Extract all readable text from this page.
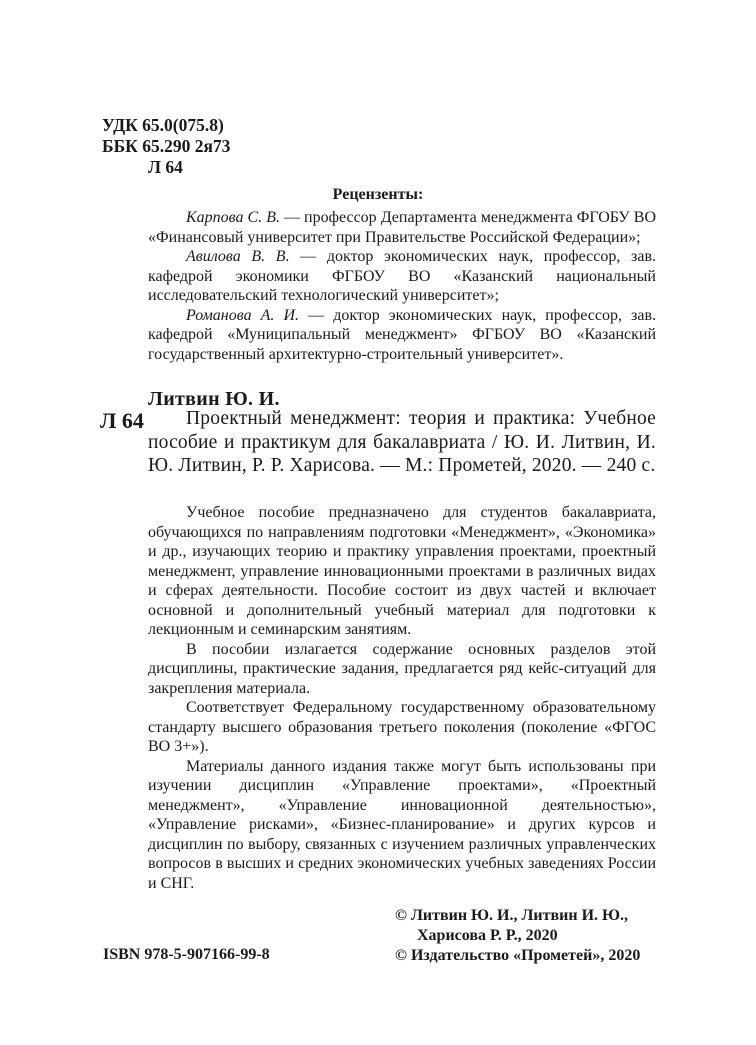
УДК 65.0(075.8)
ББК 65.290 2я73
Л 64
Рецензенты:

Карпова С. В. — профессор Департамента менеджмента ФГОБУ ВО «Финансовый университет при Правительстве Российской Федерации»;

Авилова В. В. — доктор экономических наук, профессор, зав. кафедрой экономики ФГБОУ ВО «Казанский национальный исследовательский технологический университет»;

Романова А. И. — доктор экономических наук, профессор, зав. кафедрой «Муниципальный менеджмент» ФГБОУ ВО «Казанский государственный архитектурно-строительный университет».

Литвин Ю. И.
Л 64	Проектный менеджмент: теория и практика: Учебное пособие и практикум для бакалавриата / Ю. И. Литвин, И. Ю. Литвин, Р. Р. Харисова. — М.: Прометей, 2020. — 240 с.

Учебное пособие предназначено для студентов бакалавриата, обучающихся по направлениям подготовки «Менеджмент», «Экономика» и др., изучающих теорию и практику управления проектами, проектный менеджмент, управление инновационными проектами в различных видах и сферах деятельности. Пособие состоит из двух частей и включает основной и дополнительный учебный материал для подготовки к лекционным и семинарским занятиям.

В пособии излагается содержание основных разделов этой дисциплины, практические задания, предлагается ряд кейс-ситуаций для закрепления материала.

Соответствует Федеральному государственному образовательному стандарту высшего образования третьего поколения (поколение «ФГОС ВО 3+»).

Материалы данного издания также могут быть использованы при изучении дисциплин «Управление проектами», «Проектный менеджмент», «Управление инновационной деятельностью», «Управление рисками», «Бизнес-планирование» и других курсов и дисциплин по выбору, связанных с изучением различных управленческих вопросов в высших и средних экономических учебных заведениях России и СНГ.

© Литвин Ю. И., Литвин И. Ю.,
Харисова Р. Р., 2020
© Издательство «Прометей», 2020
ISBN 978-5-907166-99-8
